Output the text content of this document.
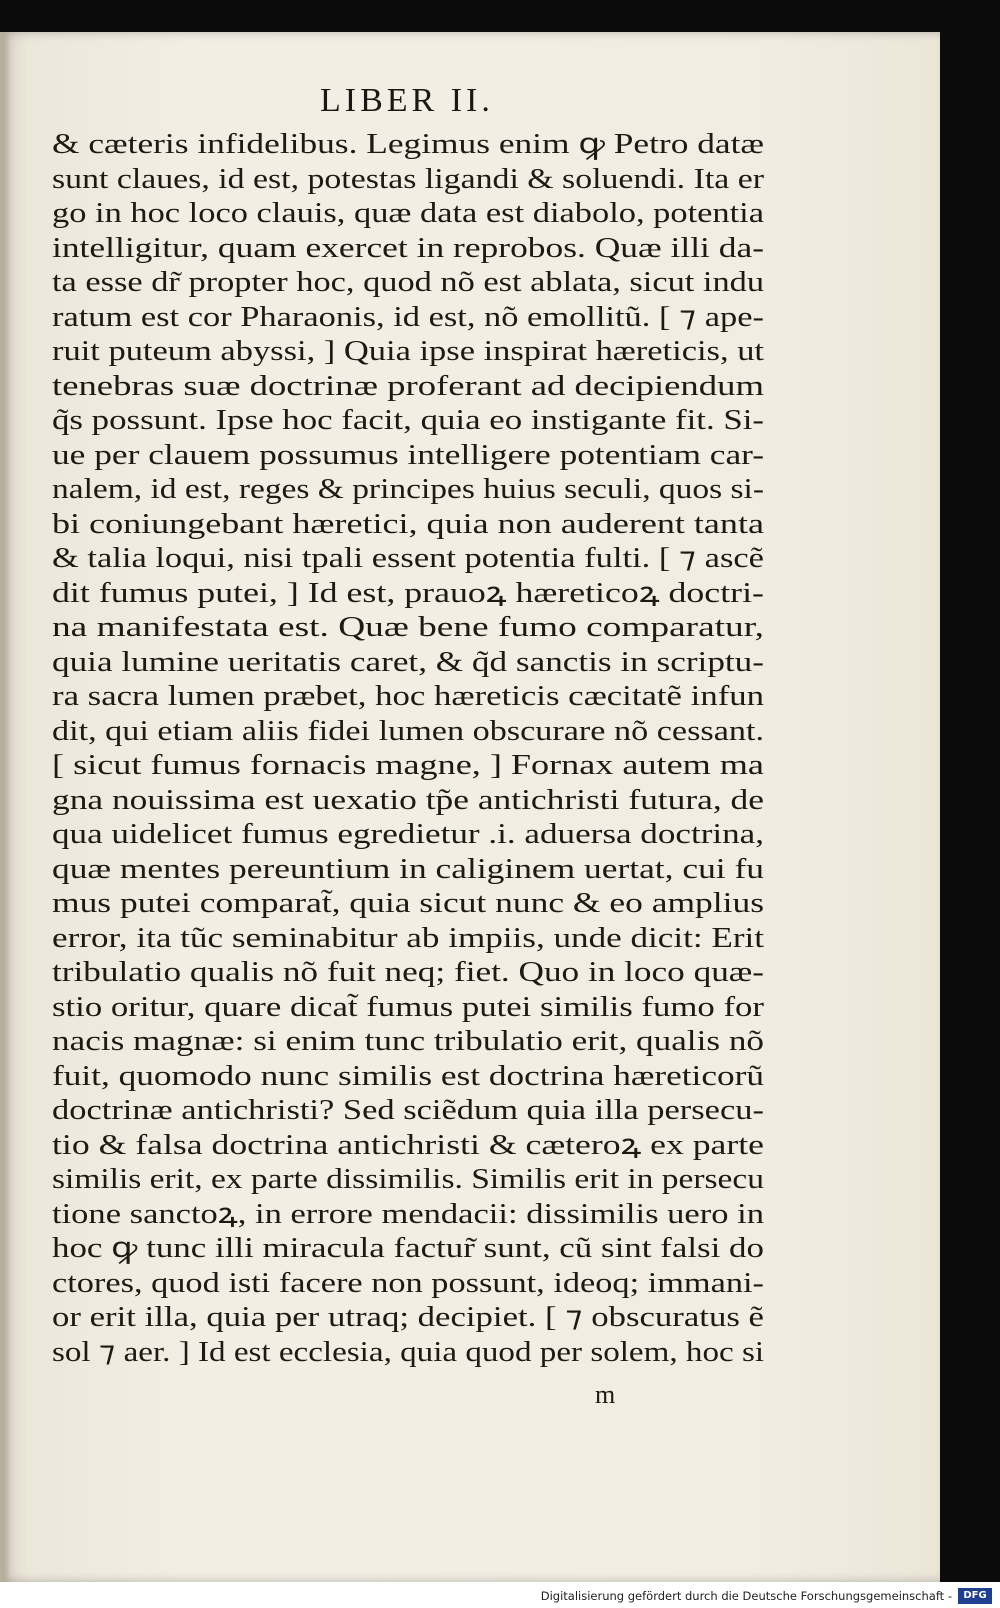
LIBER II.
& cæteris infidelibus. Legimus enim ꝙ Petro datæ
sunt claues, id est, potestas ligandi & soluendi. Ita er
go in hoc loco clauis, quæ data est diabolo, potentia
intelligitur, quam exercet in reprobos. Quæ illi da-
ta esse dr̃ propter hoc, quod nõ est ablata, sicut indu
ratum est cor Pharaonis, id est, nõ emollitũ. [ ⁊ ape-
ruit puteum abyssi, ] Quia ipse inspirat hæreticis, ut
tenebras suæ doctrinæ proferant ad decipiendum
q̃s possunt. Ipse hoc facit, quia eo instigante fit. Si-
ue per clauem possumus intelligere potentiam car-
nalem, id est, reges & principes huius seculi, quos si-
bi coniungebant hæretici, quia non auderent tanta
& talia loqui, nisi tpali essent potentia fulti. [ ⁊ ascẽ
dit fumus putei, ] Id est, prauoꝝ hæreticoꝝ doctri-
na manifestata est. Quæ bene fumo comparatur,
quia lumine ueritatis caret, & q̃d sanctis in scriptu-
ra sacra lumen præbet, hoc hæreticis cæcitatẽ infun
dit, qui etiam aliis fidei lumen obscurare nõ cessant.
[ sicut fumus fornacis magne, ] Fornax autem ma
gna nouissima est uexatio tp̃e antichristi futura, de
qua uidelicet fumus egredietur .i. aduersa doctrina,
quæ mentes pereuntium in caliginem uertat, cui fu
mus putei comparat̃, quia sicut nunc & eo amplius
error, ita tũc seminabitur ab impiis, unde dicit: Erit
tribulatio qualis nõ fuit neq; fiet. Quo in loco quæ-
stio oritur, quare dicat̃ fumus putei similis fumo for
nacis magnæ: si enim tunc tribulatio erit, qualis nõ
fuit, quomodo nunc similis est doctrina hæreticorũ
doctrinæ antichristi? Sed sciẽdum quia illa persecu-
tio & falsa doctrina antichristi & cæteroꝝ ex parte
similis erit, ex parte dissimilis. Similis erit in persecu
tione sanctoꝝ, in errore mendacii: dissimilis uero in
hoc ꝙ tunc illi miracula factur̃ sunt, cũ sint falsi do
ctores, quod isti facere non possunt, ideoq; immani-
or erit illa, quia per utraq; decipiet. [ ⁊ obscuratus ẽ
sol ⁊ aer. ] Id est ecclesia, quia quod per solem, hoc si
m
Digitalisierung gefördert durch die Deutsche Forschungsgemeinschaft -	DFG
